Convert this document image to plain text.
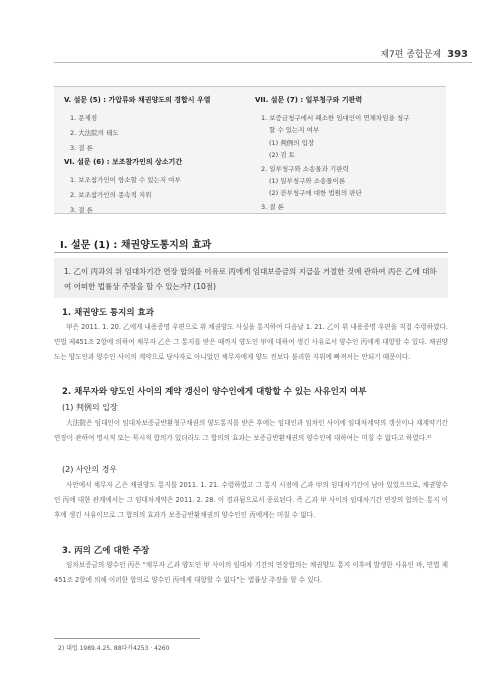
제7편 종합문제 393
V. 설문 (5) : 가압류와 채권양도의 경합시 우열
1. 문제점
2. 大法院의 태도
3. 결 론
VI. 설문 (6) : 보조참가인의 상소기간
1. 보조참가인이 항소할 수 있는지 여부
2. 보조참가인의 종속적 지위
3. 결 론
VII. 설문 (7) : 일부청구와 기판력
1. 보증금청구에서 패소한 임대인이 연체차임을 청구
할 수 있는지 여부
(1) 判例의 입장
(2) 검 토
2. 일부청구와 소송물과 기판력
(1) 일부청구와 소송물이론
(2) 잔부청구에 대한 법원의 판단
3. 결 론
Ⅰ. 설문 (1) : 채권양도통지의 효과
1. 乙이 丙과의 위 임대차기간 연장 합의를 이유로 丙에게 임대보증금의 지급을 거절한 것에 관하여 丙은 乙에 대하여 어떠한 법률상 주장을 할 수 있는가? (10점)
1. 채권양도 통지의 효과
甲은 2011. 1. 20. 乙에게 내용증명 우편으로 위 채권양도 사실을 통지하여 다음날 1. 21. 乙이 위 내용증명 우편을 직접 수령하였다. 민법 제451조 2항에 의하여 채무자 乙은 그 통지를 받은 때까지 양도인 甲에 대하여 생긴 사유로서 양수인 丙에게 대항할 수 있다. 채권양도는 양도인과 양수인 사이의 계약으로 당사자로 아니었던 채무자에게 양도 전보다 불리한 지위에 빠져서는 안되기 때문이다.
2. 채무자와 양도인 사이의 계약 갱신이 양수인에게 대항할 수 있는 사유인지 여부
(1) 判例의 입장
大法院은 임대인이 임대차보증금반환청구채권의 양도통지를 받은 후에는 임대인과 임차인 사이에 임대차계약의 갱신이나 재계약기간 연장이 관하여 명시적 또는 묵시적 합의가 있더라도 그 합의의 효과는 보증금반환채권의 양수인에 대하여는 미칠 수 없다고 하였다.²⁾
(2) 사안의 경우
사안에서 채무자 乙은 채권양도 통지를 2011. 1. 21. 수령하였고 그 통지 시점에 乙과 甲의 임대차기간이 남아 있었으므로, 채권양수인 丙에 대한 관계에서는 그 임대차계약은 2011. 2. 28. 이 경과됨으로서 종료된다. 즉 乙과 甲 사이의 임대차기간 연장의 합의는 통지 이후에 생긴 사유이므로 그 합의의 효과가 보증금반환채권의 양수인인 丙에게는 미칠 수 없다.
3. 丙의 乙에 대한 주장
임차보증금의 양수인 丙은 "채무자 乙과 양도인 甲 사이의 임대차 기간의 연장합의는 채권양도 통지 이후에 발생한 사유인 바, 민법 제451조 2항에 의해 이러한 합의로 양수인 丙에게 대항할 수 없다"는 법률상 주장을 할 수 있다.
2) 대법 1989.4.25, 88다카4253 · 4260
